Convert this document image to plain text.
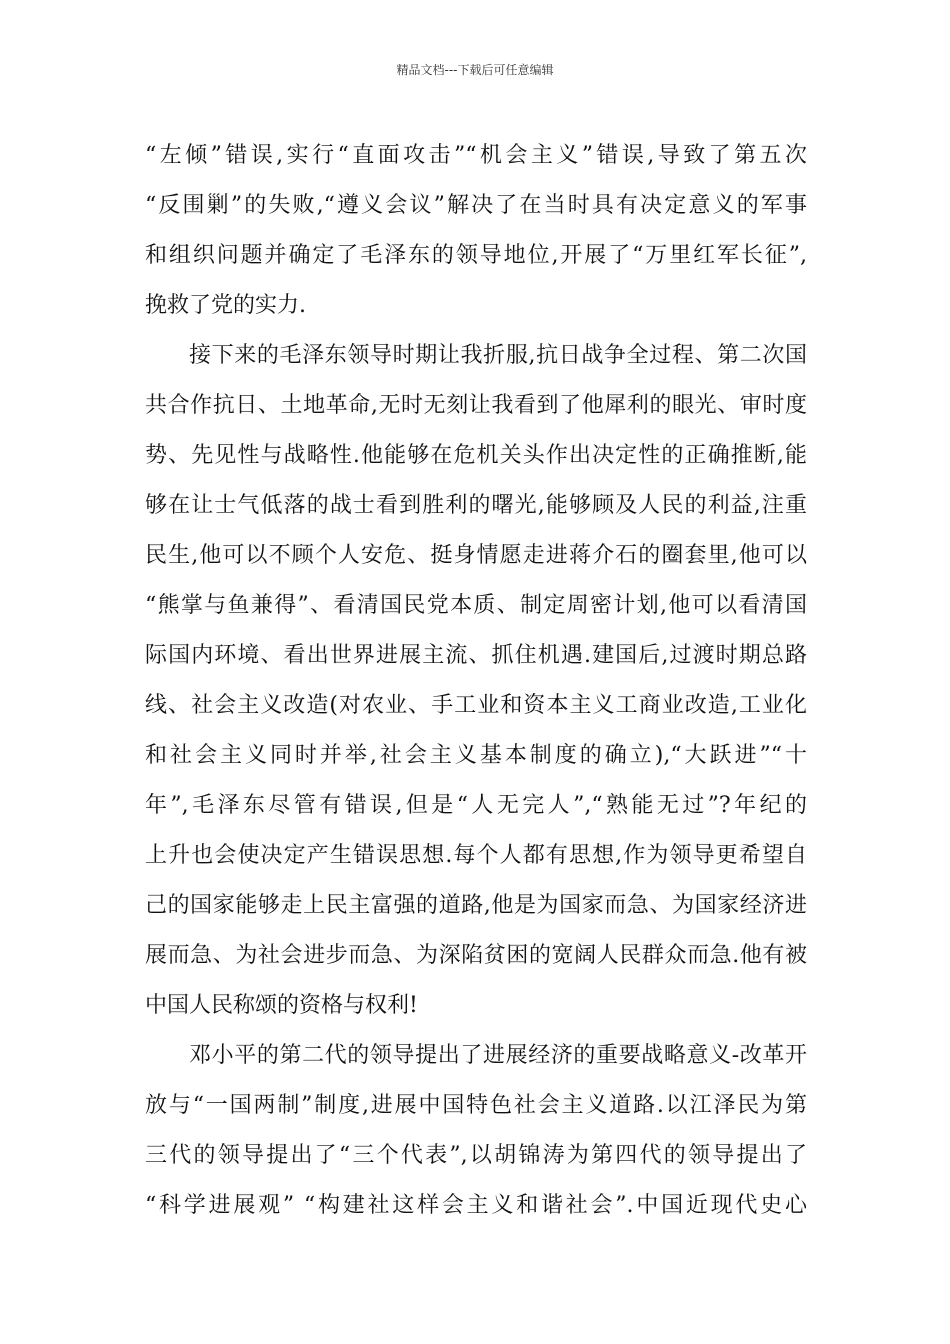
精品文档---下载后可任意编辑
“左倾”错误,实行“直面攻击”“机会主义”错误,导致了第五次
“反围剿”的失败,“遵义会议”解决了在当时具有决定意义的军事
和组织问题并确定了毛泽东的领导地位,开展了“万里红军长征”,
挽救了党的实力.
接下来的毛泽东领导时期让我折服,抗日战争全过程、第二次国
共合作抗日、土地革命,无时无刻让我看到了他犀利的眼光、审时度
势、先见性与战略性.他能够在危机关头作出决定性的正确推断,能
够在让士气低落的战士看到胜利的曙光,能够顾及人民的利益,注重
民生,他可以不顾个人安危、挺身情愿走进蒋介石的圈套里,他可以
“熊掌与鱼兼得”、看清国民党本质、制定周密计划,他可以看清国
际国内环境、看出世界进展主流、抓住机遇.建国后,过渡时期总路
线、社会主义改造(对农业、手工业和资本主义工商业改造,工业化
和社会主义同时并举,社会主义基本制度的确立),“大跃进”“十
年”,毛泽东尽管有错误,但是“人无完人”,“熟能无过”?年纪的
上升也会使决定产生错误思想.每个人都有思想,作为领导更希望自
己的国家能够走上民主富强的道路,他是为国家而急、为国家经济进
展而急、为社会进步而急、为深陷贫困的宽阔人民群众而急.他有被
中国人民称颂的资格与权利!
邓小平的第二代的领导提出了进展经济的重要战略意义-改革开
放与“一国两制”制度,进展中国特色社会主义道路.以江泽民为第
三代的领导提出了“三个代表”,以胡锦涛为第四代的领导提出了
“科学进展观” “构建社这样会主义和谐社会”.中国近现代史心
